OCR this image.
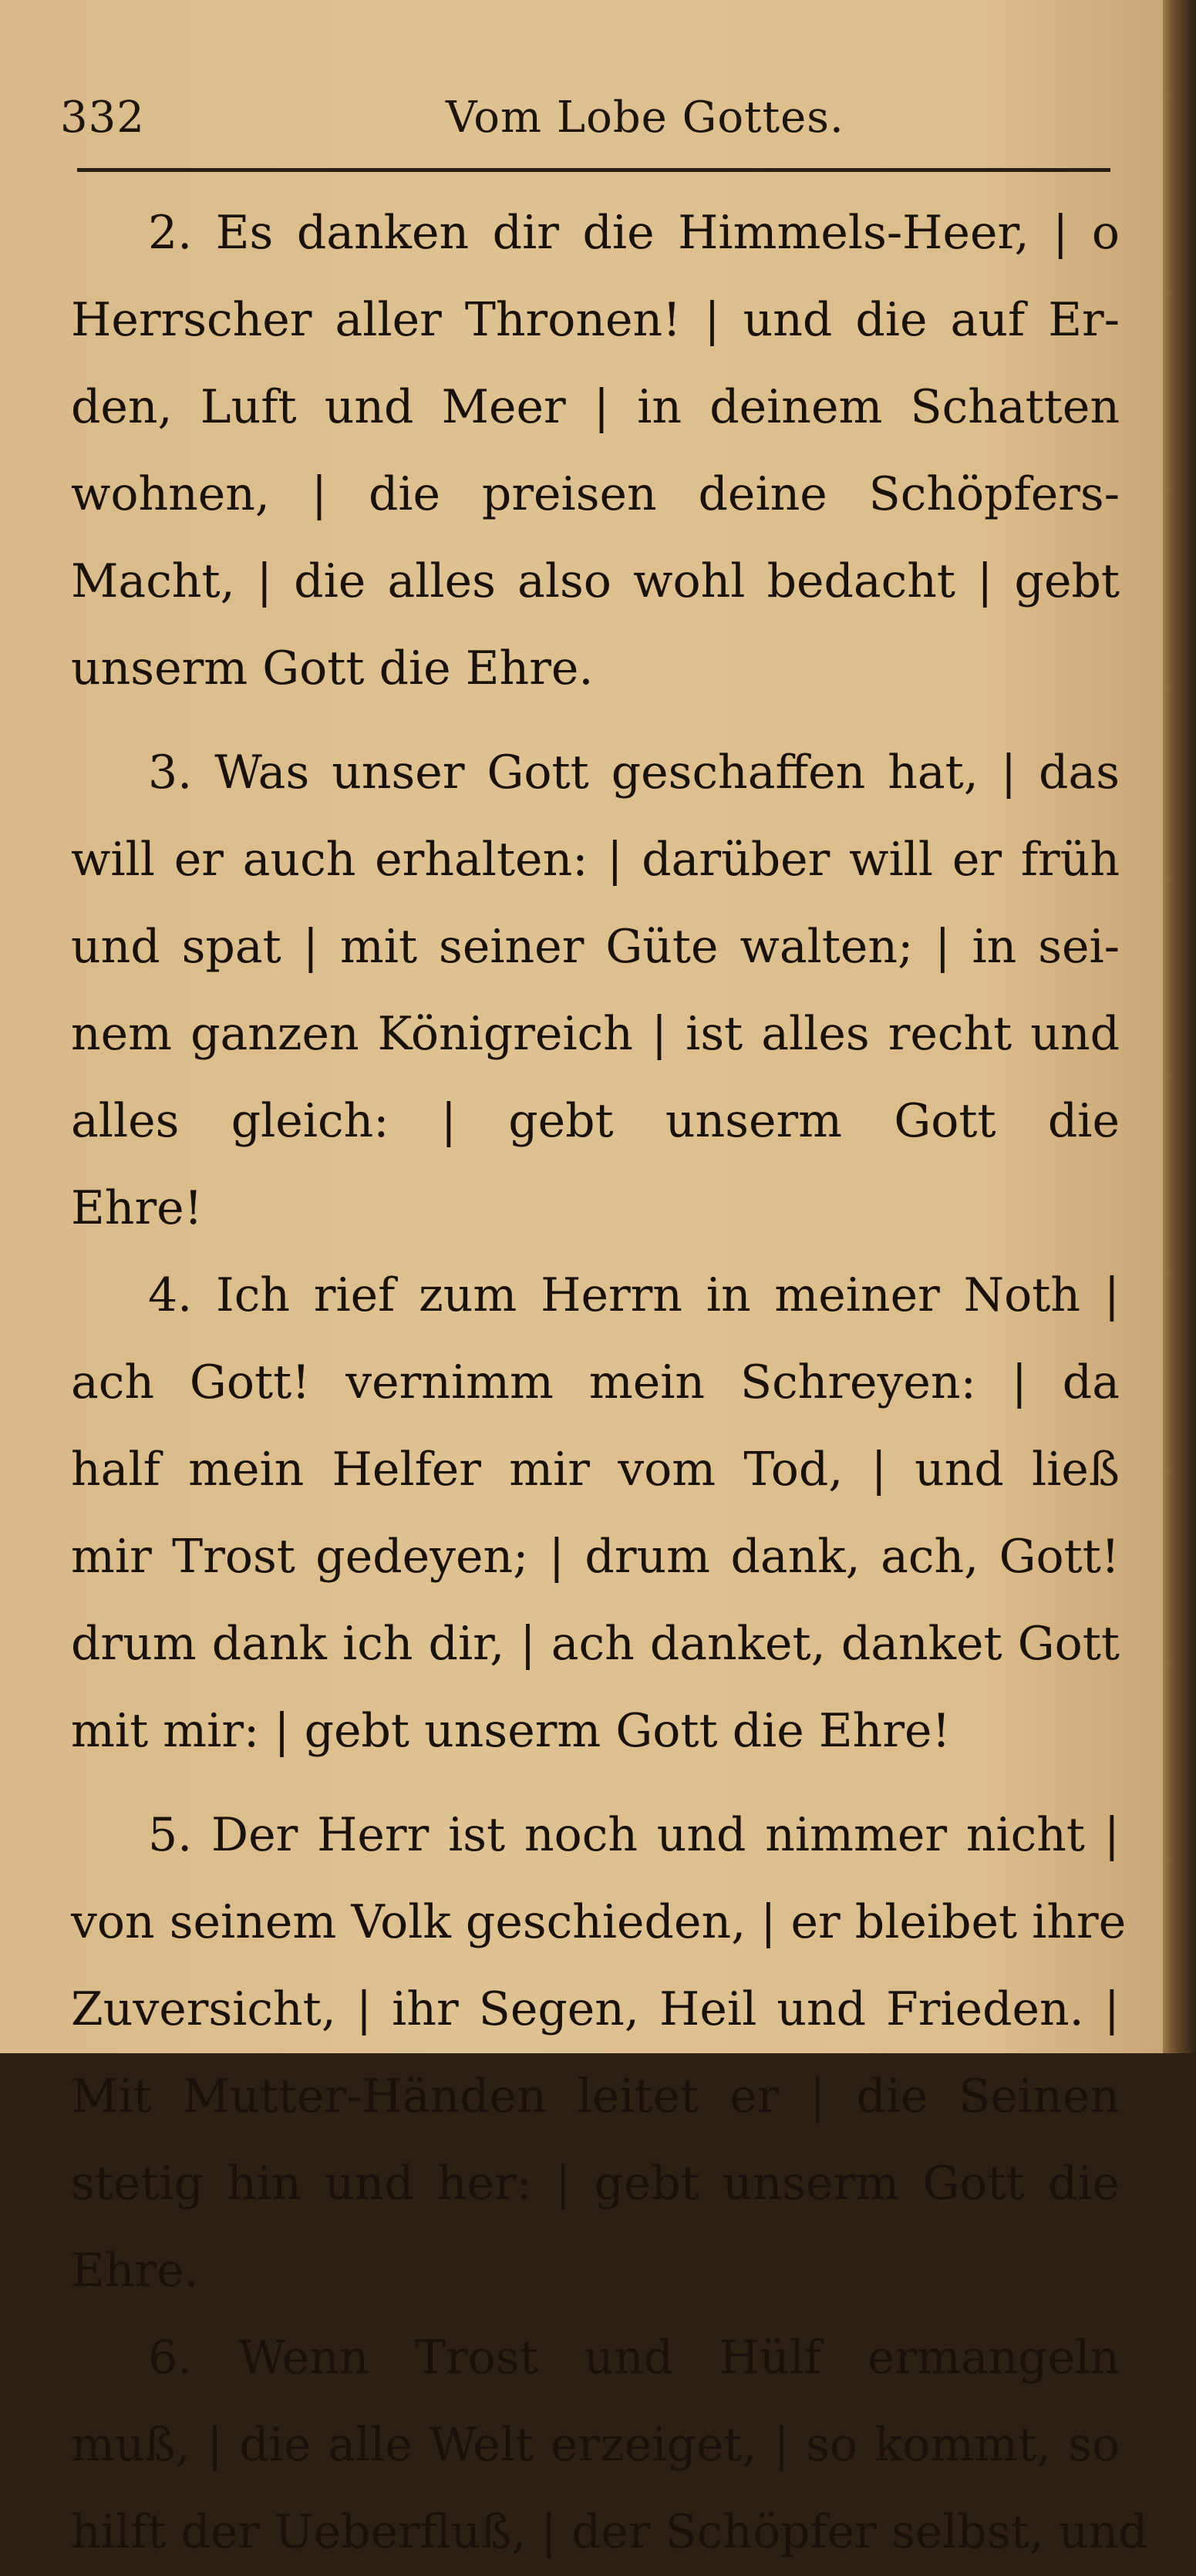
332	Vom Lobe Gottes.
2. Es danken dir die Himmels-Heer, | o
Herrscher aller Thronen! | und die auf Er-
den, Luft und Meer | in deinem Schatten
wohnen, | die preisen deine Schöpfers-
Macht, | die alles also wohl bedacht | gebt
unserm Gott die Ehre.
3. Was unser Gott geschaffen hat, | das
will er auch erhalten: | darüber will er früh
und spat | mit seiner Güte walten; | in sei-
nem ganzen Königreich | ist alles recht und
alles gleich: | gebt unserm Gott die
Ehre!
4. Ich rief zum Herrn in meiner Noth |
ach Gott! vernimm mein Schreyen: | da
half mein Helfer mir vom Tod, | und ließ
mir Trost gedeyen; | drum dank, ach, Gott!
drum dank ich dir, | ach danket, danket Gott
mit mir: | gebt unserm Gott die Ehre!
5. Der Herr ist noch und nimmer nicht |
von seinem Volk geschieden, | er bleibet ihre
Zuversicht, | ihr Segen, Heil und Frieden. |
Mit Mutter-Händen leitet er | die Seinen
stetig hin und her: | gebt unserm Gott die
Ehre.
6. Wenn Trost und Hülf ermangeln
muß, | die alle Welt erzeiget, | so kommt, so
hilft der Ueberfluß, | der Schöpfer selbst, und
